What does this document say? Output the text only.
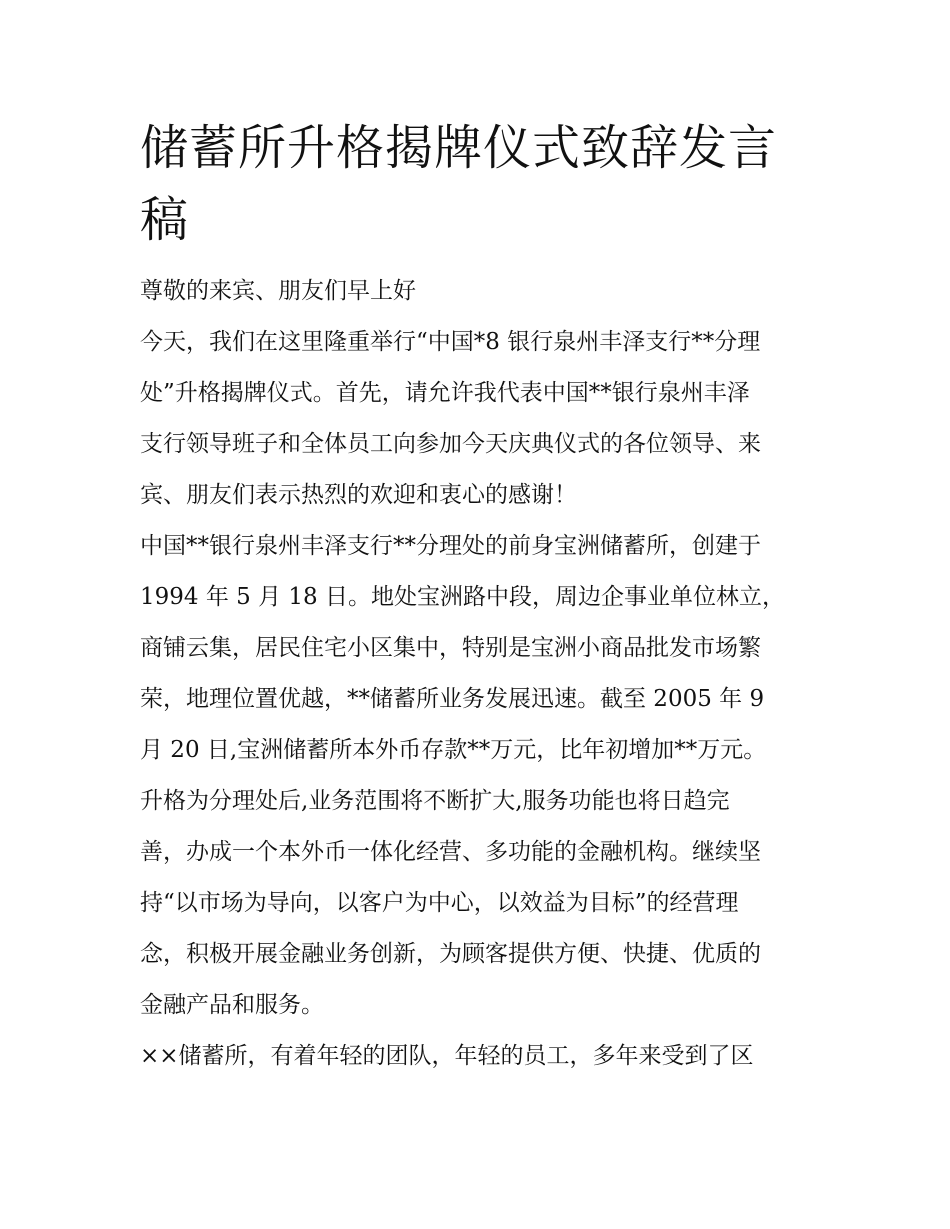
储蓄所升格揭牌仪式致辞发言
稿
尊敬的来宾、朋友们早上好
今天，我们在这里隆重举行“中国*8 银行泉州丰泽支行**分理
处”升格揭牌仪式。首先，请允许我代表中国**银行泉州丰泽
支行领导班子和全体员工向参加今天庆典仪式的各位领导、来
宾、朋友们表示热烈的欢迎和衷心的感谢！
中国**银行泉州丰泽支行**分理处的前身宝洲储蓄所，创建于
1994 年 5 月 18 日。地处宝洲路中段，周边企事业单位林立，
商铺云集，居民住宅小区集中，特别是宝洲小商品批发市场繁
荣，地理位置优越，**储蓄所业务发展迅速。截至 2005 年 9
月 20 日,宝洲储蓄所本外币存款**万元，比年初增加**万元。
升格为分理处后,业务范围将不断扩大,服务功能也将日趋完
善，办成一个本外币一体化经营、多功能的金融机构。继续坚
持“以市场为导向，以客户为中心，以效益为目标”的经营理
念，积极开展金融业务创新，为顾客提供方便、快捷、优质的
金融产品和服务。
××储蓄所，有着年轻的团队，年轻的员工，多年来受到了区
